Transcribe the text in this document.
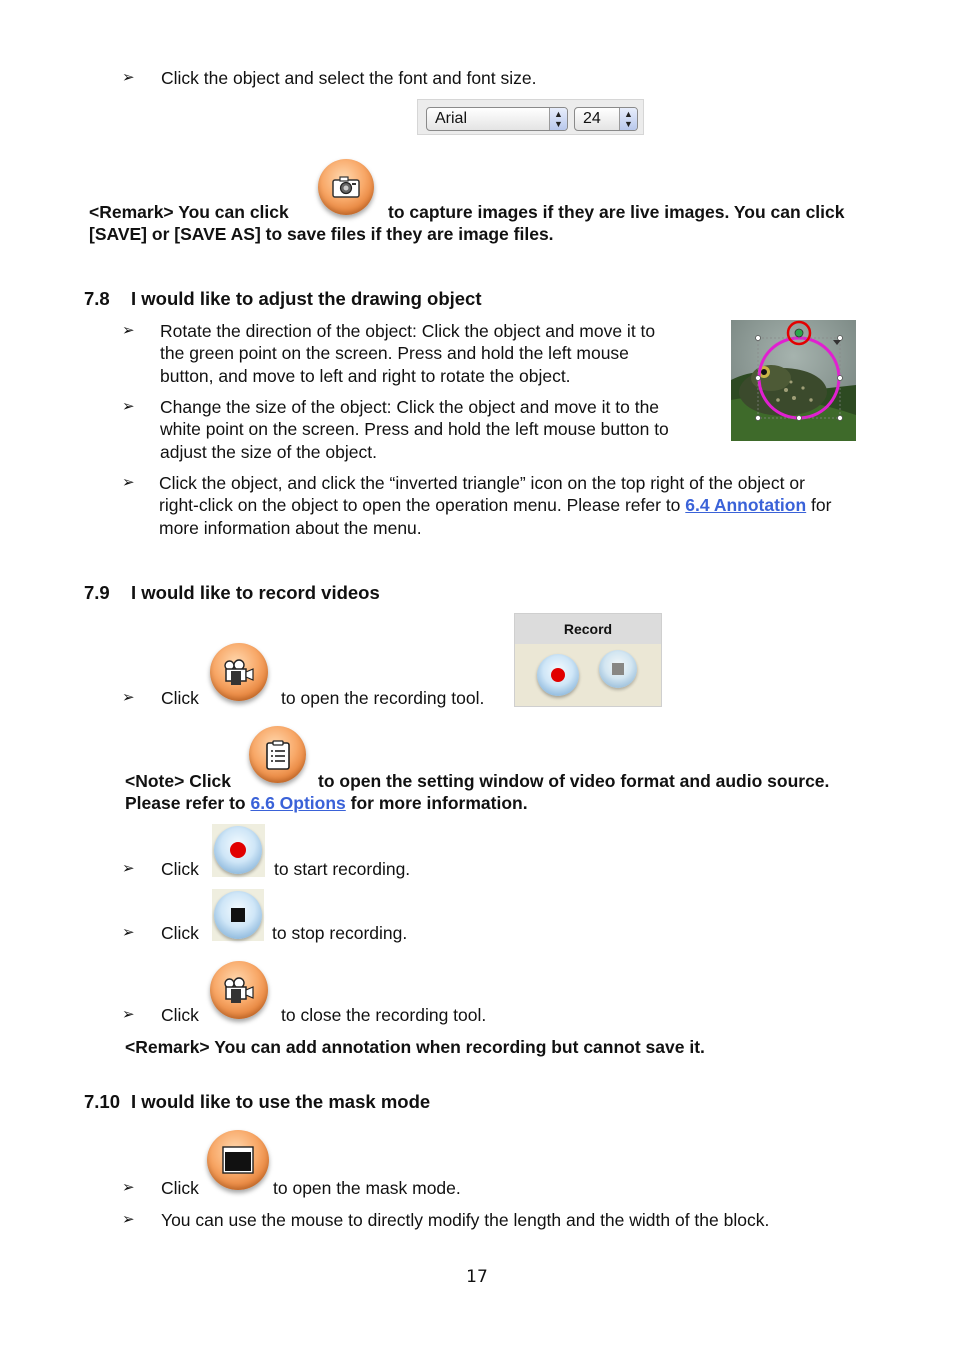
➢ Click the object and select the font and font size.
Arial	▲
▼	24	▲
▼
<Remark> You can click	to capture images if they are live images. You can click
[SAVE] or [SAVE AS] to save files if they are image files.
7.8 I would like to adjust the drawing object
➢ Rotate the direction of the object: Click the object and move it to
the green point on the screen. Press and hold the left mouse
button, and move to left and right to rotate the object.
➢ Change the size of the object: Click the object and move it to the
white point on the screen. Press and hold the left mouse button to
adjust the size of the object.
➢ Click the object, and click the “inverted triangle” icon on the top right of the object or
right-click on the object to open the operation menu. Please refer to 6.4 Annotation for
more information about the menu.
7.9 I would like to record videos
➢ Click	to open the recording tool.
Record
<Note> Click	to open the setting window of video format and audio source.
Please refer to 6.6 Options for more information.
➢ Click	to start recording.
➢ Click	to stop recording.
➢ Click	to close the recording tool.
<Remark> You can add annotation when recording but cannot save it.
7.10 I would like to use the mask mode
➢ Click	to open the mask mode.
➢ You can use the mouse to directly modify the length and the width of the block.
17
